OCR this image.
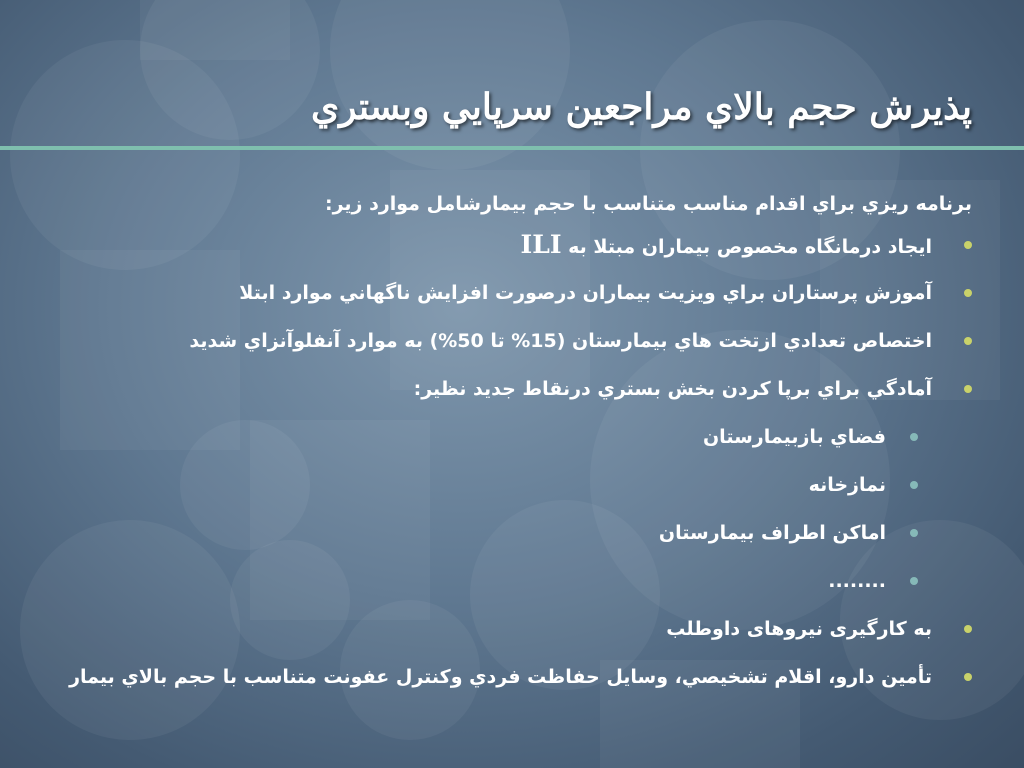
پذيرش حجم بالاي مراجعين سرپايي وبستري
برنامه ريزي براي اقدام مناسب متناسب با حجم بيمارشامل موارد زير:
ايجاد درمانگاه مخصوص بيماران مبتلا به ILI
آموزش پرستاران براي ويزيت بيماران درصورت افزايش ناگهاني موارد ابتلا
اختصاص تعدادي ازتخت هاي بيمارستان (15% تا 50%) به موارد آنفلوآنزاي شديد
آمادگي براي برپا كردن بخش بستري درنقاط جديد نظير:
فضاي بازبيمارستان
نمازخانه
اماكن اطراف بيمارستان
........
به کارگیری نیروهای داوطلب
تأمين دارو، اقلام تشخيصي، وسايل حفاظت فردي وكنترل عفونت متناسب با حجم بالاي بيمار
